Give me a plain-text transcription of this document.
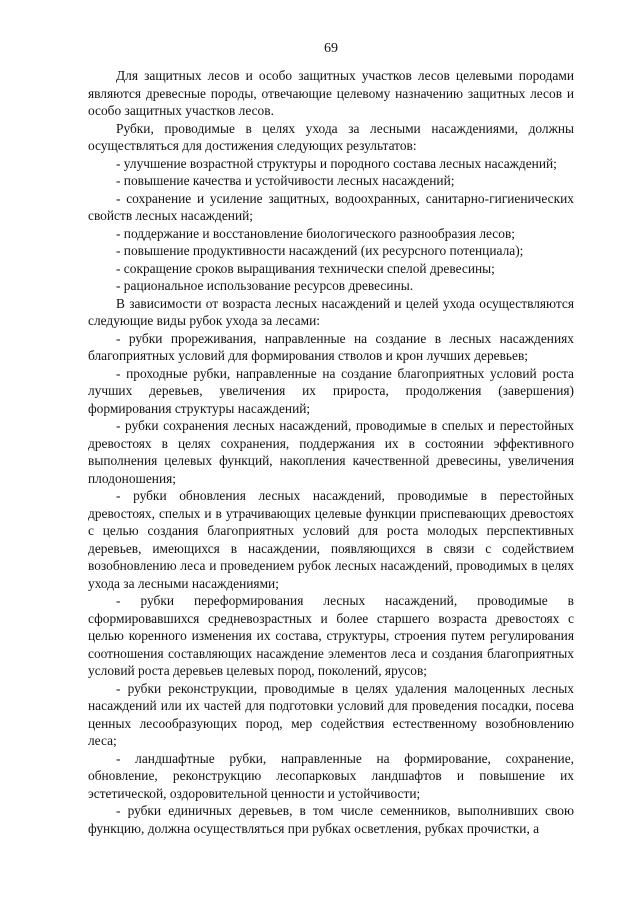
69

Для защитных лесов и особо защитных участков лесов целевыми породами являются древесные породы, отвечающие целевому назначению защитных лесов и особо защитных участков лесов.

Рубки, проводимые в целях ухода за лесными насаждениями, должны осуществляться для достижения следующих результатов:

- улучшение возрастной структуры и породного состава лесных насаждений;

- повышение качества и устойчивости лесных насаждений;

- сохранение и усиление защитных, водоохранных, санитарно-гигиенических свойств лесных насаждений;

- поддержание и восстановление биологического разнообразия лесов;

- повышение продуктивности насаждений (их ресурсного потенциала);

- сокращение сроков выращивания технически спелой древесины;

- рациональное использование ресурсов древесины.

В зависимости от возраста лесных насаждений и целей ухода осуществляются следующие виды рубок ухода за лесами:

- рубки прореживания, направленные на создание в лесных насаждениях благоприятных условий для формирования стволов и крон лучших деревьев;

- проходные рубки, направленные на создание благоприятных условий роста лучших деревьев, увеличения их прироста, продолжения (завершения) формирования структуры насаждений;

- рубки сохранения лесных насаждений, проводимые в спелых и перестойных древостоях в целях сохранения, поддержания их в состоянии эффективного выполнения целевых функций, накопления качественной древесины, увеличения плодоношения;

- рубки обновления лесных насаждений, проводимые в перестойных древостоях, спелых и в утрачивающих целевые функции приспевающих древостоях с целью создания благоприятных условий для роста молодых перспективных деревьев, имеющихся в насаждении, появляющихся в связи с содействием возобновлению леса и проведением рубок лесных насаждений, проводимых в целях ухода за лесными насаждениями;

- рубки переформирования лесных насаждений, проводимые в сформировавшихся средневозрастных и более старшего возраста древостоях с целью коренного изменения их состава, структуры, строения путем регулирования соотношения составляющих насаждение элементов леса и создания благоприятных условий роста деревьев целевых пород, поколений, ярусов;

- рубки реконструкции, проводимые в целях удаления малоценных лесных насаждений или их частей для подготовки условий для проведения посадки, посева ценных лесообразующих пород, мер содействия естественному возобновлению леса;

- ландшафтные рубки, направленные на формирование, сохранение, обновление, реконструкцию лесопарковых ландшафтов и повышение их эстетической, оздоровительной ценности и устойчивости;

- рубки единичных деревьев, в том числе семенников, выполнивших свою функцию, должна осуществляться при рубках осветления, рубках прочистки, а
